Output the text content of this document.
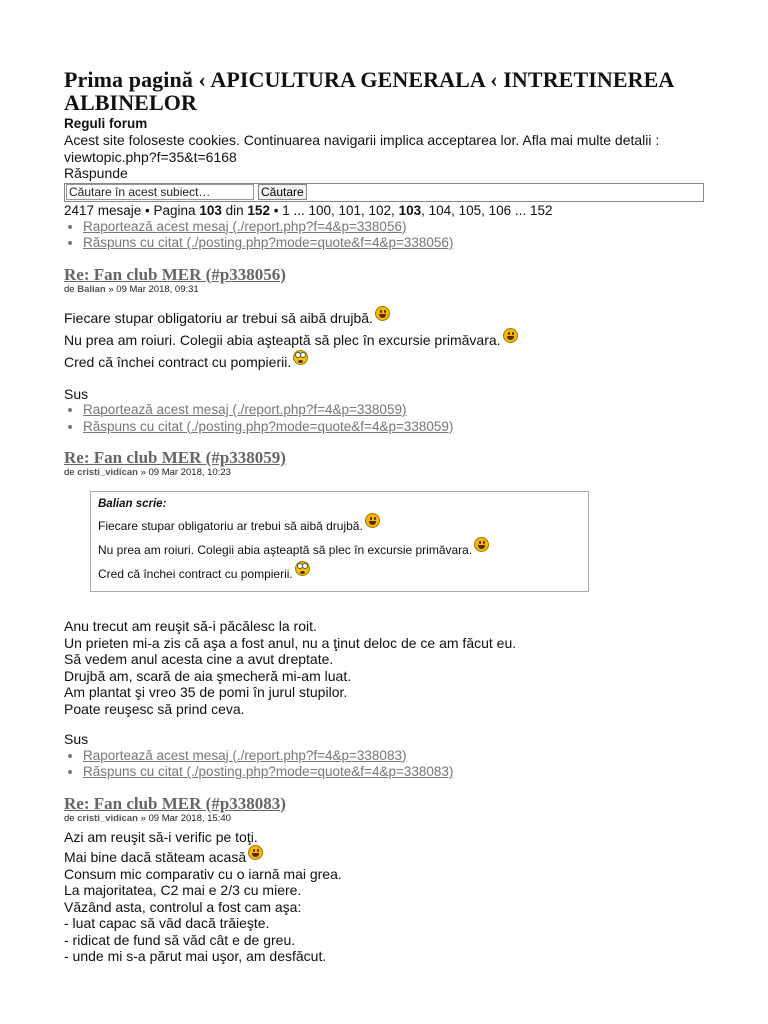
Prima pagină ‹ APICULTURA GENERALA ‹ INTRETINEREA ALBINELOR
Reguli forum
Acest site foloseste cookies. Continuarea navigarii implica acceptarea lor. Afla mai multe detalii :
viewtopic.php?f=35&t=6168
Răspunde
Căutare în acest subiect…
Căutare
2417 mesaje • Pagina 103 din 152 • 1 ... 100, 101, 102, 103, 104, 105, 106 ... 152
• Raportează acest mesaj (./report.php?f=4&p=338056)
• Răspuns cu citat (./posting.php?mode=quote&f=4&p=338056)
Re: Fan club MER (#p338056)
de Balian » 09 Mar 2018, 09:31
Fiecare stupar obligatoriu ar trebui să aibă drujbă.
Nu prea am roiuri. Colegii abia aşteaptă să plec în excursie primăvara.
Cred că închei contract cu pompierii.
Sus
• Raportează acest mesaj (./report.php?f=4&p=338059)
• Răspuns cu citat (./posting.php?mode=quote&f=4&p=338059)
Re: Fan club MER (#p338059)
de cristi_vidican » 09 Mar 2018, 10:23
Balian scrie:
Fiecare stupar obligatoriu ar trebui să aibă drujbă.
Nu prea am roiuri. Colegii abia aşteaptă să plec în excursie primăvara.
Cred că închei contract cu pompierii.
Anu trecut am reuşit să-i păcălesc la roit.
Un prieten mi-a zis că aşa a fost anul, nu a ţinut deloc de ce am făcut eu.
Să vedem anul acesta cine a avut dreptate.
Drujbă am, scară de aia şmecheră mi-am luat.
Am plantat şi vreo 35 de pomi în jurul stupilor.
Poate reuşesc să prind ceva.
Sus
• Raportează acest mesaj (./report.php?f=4&p=338083)
• Răspuns cu citat (./posting.php?mode=quote&f=4&p=338083)
Re: Fan club MER (#p338083)
de cristi_vidican » 09 Mar 2018, 15:40
Azi am reuşit să-i verific pe toţi.
Mai bine dacă stăteam acasă
Consum mic comparativ cu o iarnă mai grea.
La majoritatea, C2 mai e 2/3 cu miere.
Văzând asta, controlul a fost cam aşa:
- luat capac să văd dacă trăieşte.
- ridicat de fund să văd cât e de greu.
- unde mi s-a părut mai uşor, am desfăcut.
